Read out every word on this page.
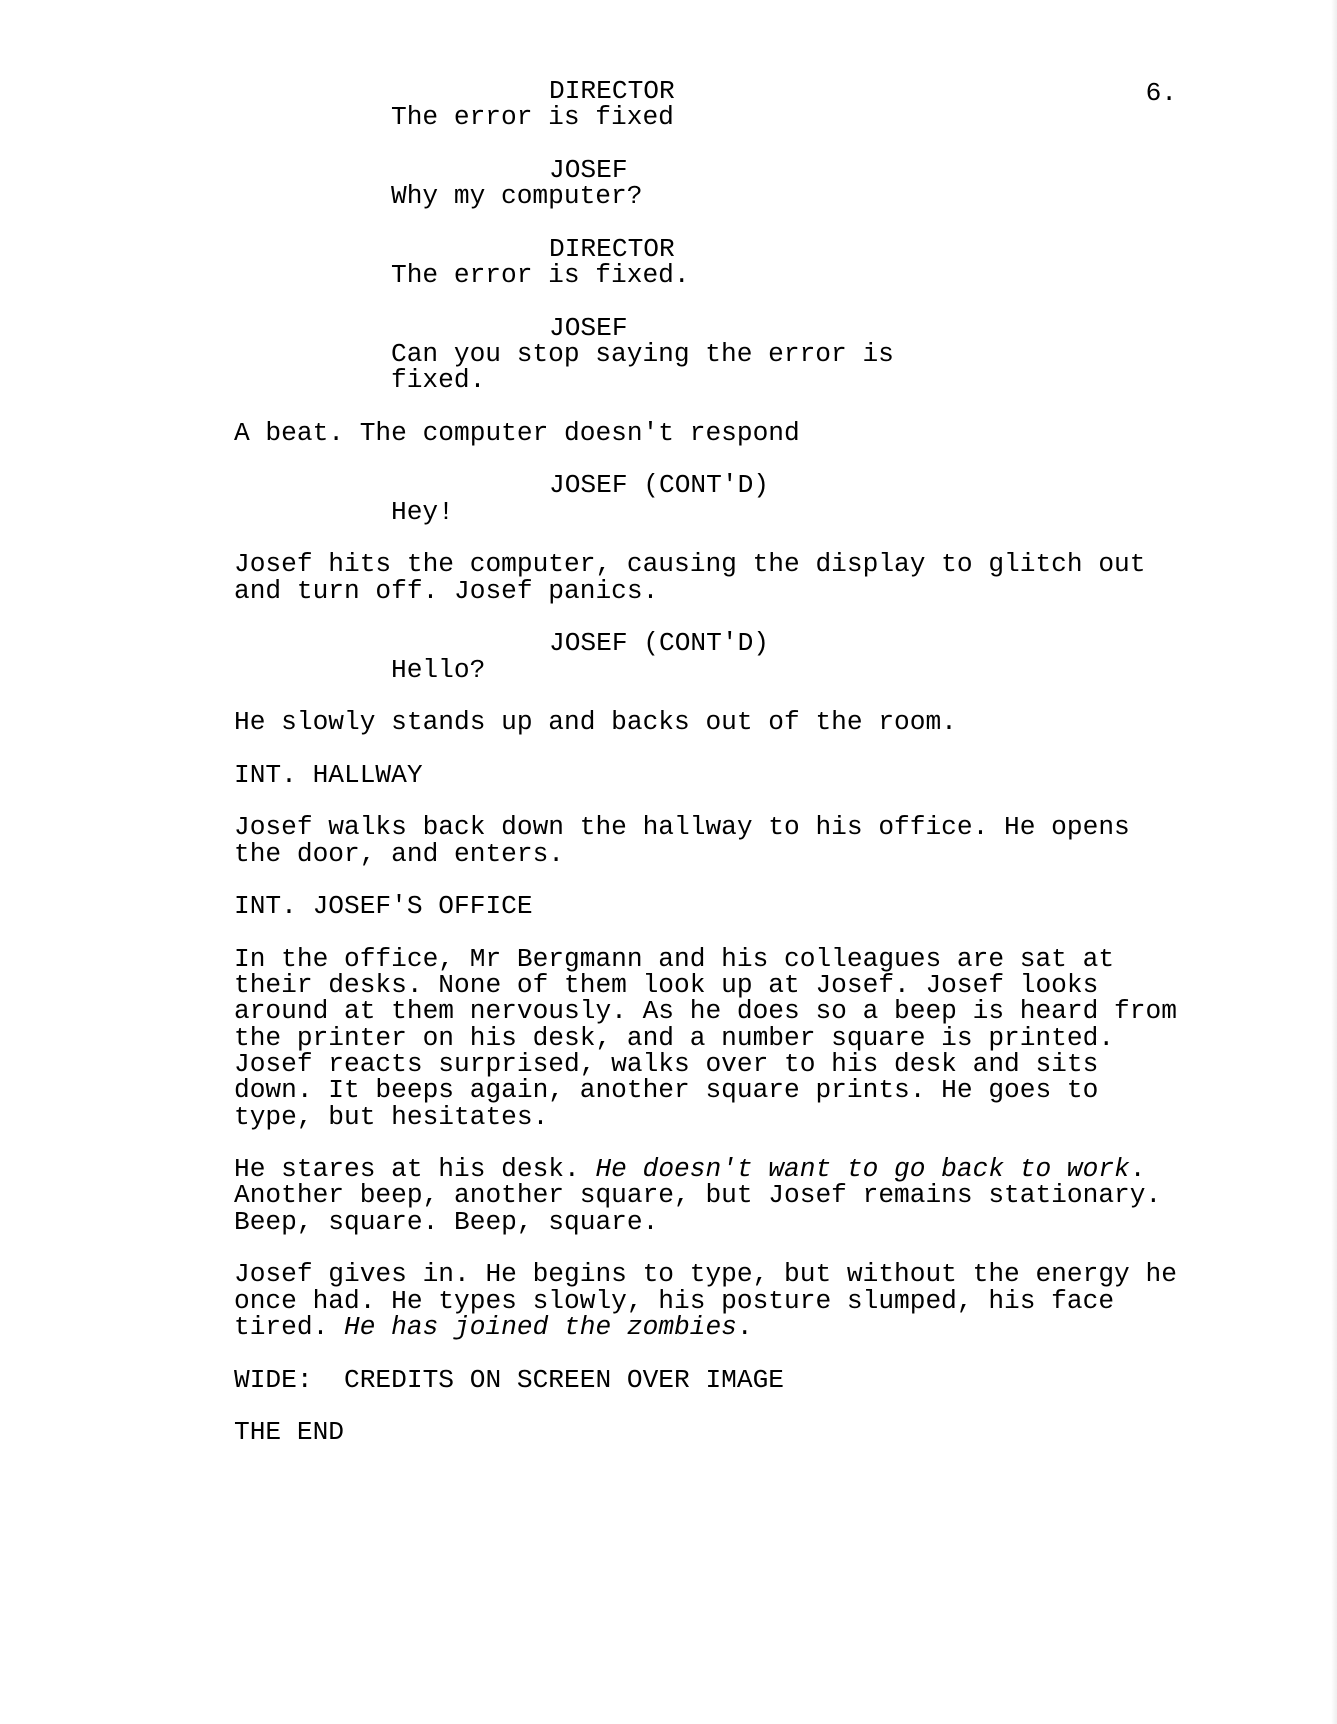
6.
DIRECTOR
The error is fixed
JOSEF
Why my computer?
DIRECTOR
The error is fixed.
JOSEF
Can you stop saying the error is
fixed.
A beat. The computer doesn't respond
JOSEF (CONT'D)
Hey!
Josef hits the computer, causing the display to glitch out
and turn off. Josef panics.
JOSEF (CONT'D)
Hello?
He slowly stands up and backs out of the room.
INT. HALLWAY
Josef walks back down the hallway to his office. He opens
the door, and enters.
INT. JOSEF'S OFFICE
In the office, Mr Bergmann and his colleagues are sat at
their desks. None of them look up at Josef. Josef looks
around at them nervously. As he does so a beep is heard from
the printer on his desk, and a number square is printed.
Josef reacts surprised, walks over to his desk and sits
down. It beeps again, another square prints. He goes to
type, but hesitates.
He stares at his desk. He doesn't want to go back to work.
Another beep, another square, but Josef remains stationary.
Beep, square. Beep, square.
Josef gives in. He begins to type, but without the energy he
once had. He types slowly, his posture slumped, his face
tired. He has joined the zombies.
WIDE:  CREDITS ON SCREEN OVER IMAGE
THE END
